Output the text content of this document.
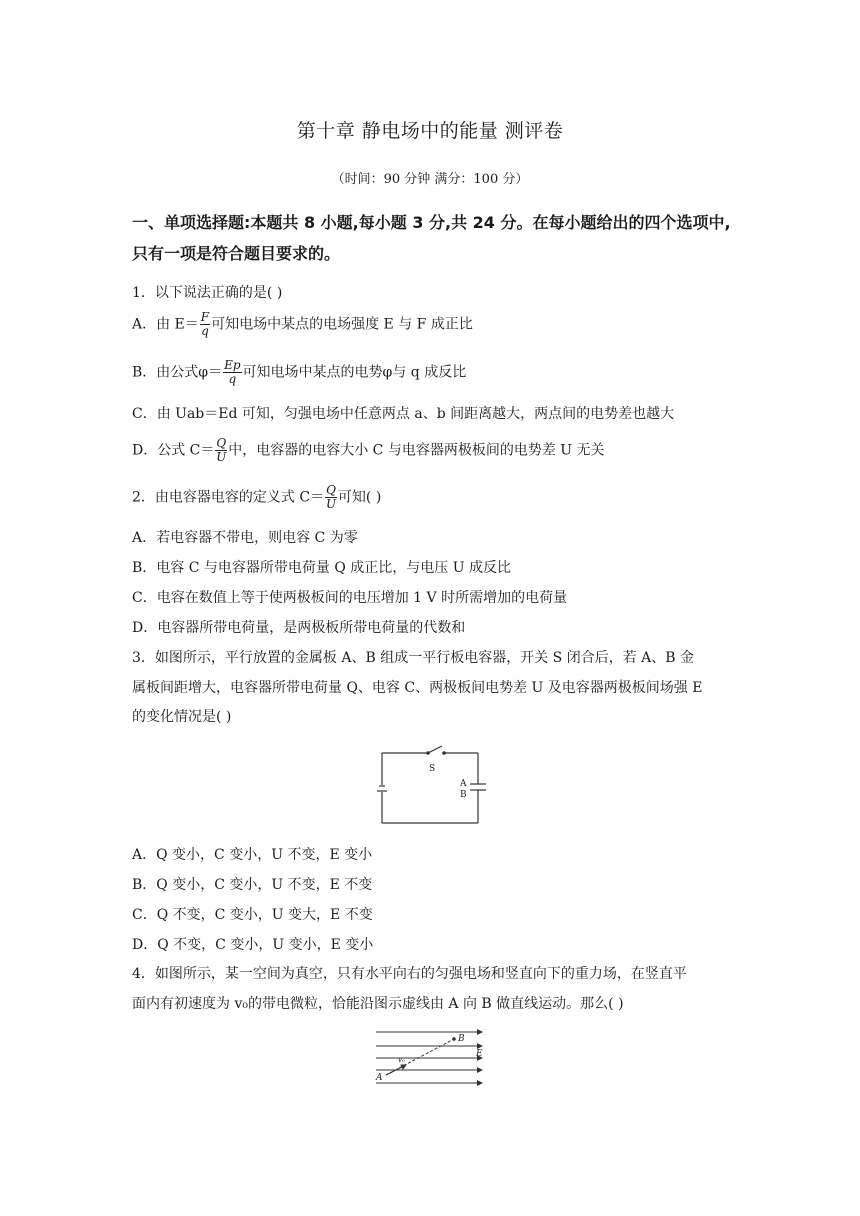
第十章 静电场中的能量 测评卷
（时间：90 分钟 满分：100 分）
一、单项选择题:本题共 8 小题,每小题 3 分,共 24 分。在每小题给出的四个选项中,只有一项是符合题目要求的。
1．以下说法正确的是( )
A．由 $E= \frac{F}{q}$ 可知电场中某点的电场强度 E 与 F 成正比
B．由公式$\varphi= \frac{Ep}{q}$ 可知电场中某点的电势φ与 q 成反比
C．由 Uab＝Ed 可知，匀强电场中任意两点 a、b 间距离越大，两点间的电势差也越大
D．公式 $C= \frac{Q}{U}$ 中，电容器的电容大小 C 与电容器两极板间的电势差 U 无关
2．由电容器电容的定义式 $C= \frac{Q}{U}$ 可知( )
A．若电容器不带电，则电容 C 为零
B．电容 C 与电容器所带电荷量 Q 成正比，与电压 U 成反比
C．电容在数值上等于使两极板间的电压增加 1 V 时所需增加的电荷量
D．电容器所带电荷量，是两极板所带电荷量的代数和
3．如图所示，平行放置的金属板 A、B 组成一平行板电容器，开关 S 闭合后，若 A、B 金
属板间距增大，电容器所带电荷量 Q、电容 C、两极板间电势差 U 及电容器两极板间场强 E
的变化情况是( )
S
A
B
A．Q 变小，C 变小，U 不变，E 变小
B．Q 变小，C 变小，U 不变，E 不变
C．Q 不变，C 变小，U 变大，E 不变
D．Q 不变，C 变小，U 变小，E 变小
4．如图所示，某一空间为真空，只有水平向右的匀强电场和竖直向下的重力场，在竖直平
面内有初速度为 v₀的带电微粒，恰能沿图示虚线由 A 向 B 做直线运动。那么( )
B
A
E
v₀
